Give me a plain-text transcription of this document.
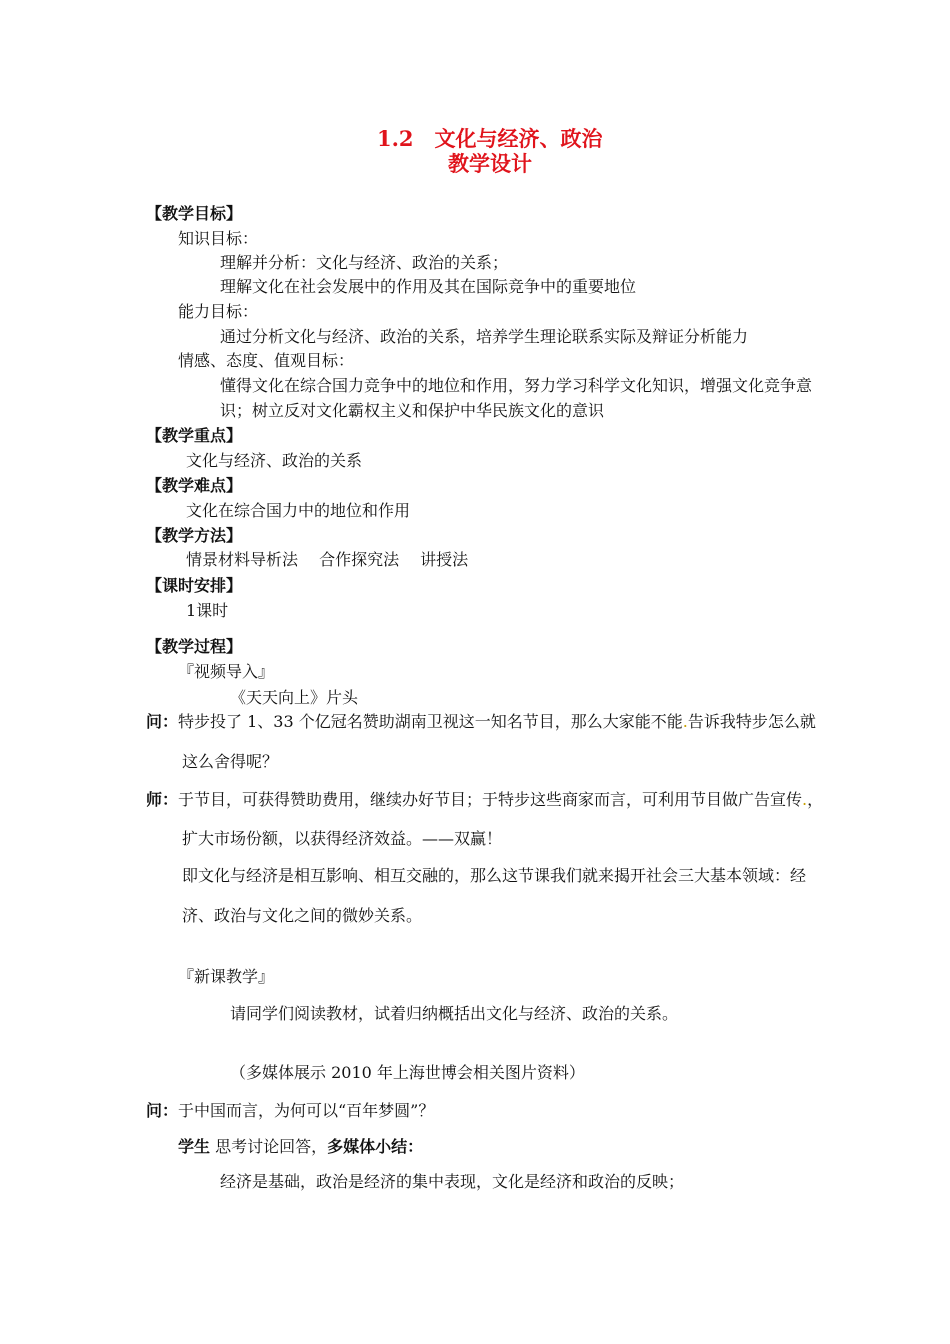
1.2　文化与经济、政治
教学设计
【教学目标】
知识目标：
理解并分析：文化与经济、政治的关系；
理解文化在社会发展中的作用及其在国际竞争中的重要地位
能力目标：
通过分析文化与经济、政治的关系，培养学生理论联系实际及辩证分析能力
情感、态度、值观目标：
懂得文化在综合国力竞争中的地位和作用，努力学习科学文化知识，增强文化竞争意
识；树立反对文化霸权主义和保护中华民族文化的意识
【教学重点】
文化与经济、政治的关系
【教学难点】
文化在综合国力中的地位和作用
【教学方法】
情景材料导析法　 合作探究法　 讲授法
【课时安排】
1课时
【教学过程】
『视频导入』
《天天向上》片头
问： 特步投了 1、33 个亿冠名赞助湖南卫视这一知名节目，那么大家能不能.告诉我特步怎么就
这么舍得呢？
师： 于节目，可获得赞助费用，继续办好节目；于特步这些商家而言，可利用节目做广告宣传.，
扩大市场份额，以获得经济效益。——双赢！
即文化与经济是相互影响、相互交融的，那么这节课我们就来揭开社会三大基本领域：经
济、政治与文化之间的微妙关系。
『新课教学』
请同学们阅读教材，试着归纳概括出文化与经济、政治的关系。
（多媒体展示 2010 年上海世博会相关图片资料）
问： 于中国而言，为何可以“百年梦圆”？
学生 思考讨论回答，多媒体小结：
经济是基础，政治是经济的集中表现，文化是经济和政治的反映；
